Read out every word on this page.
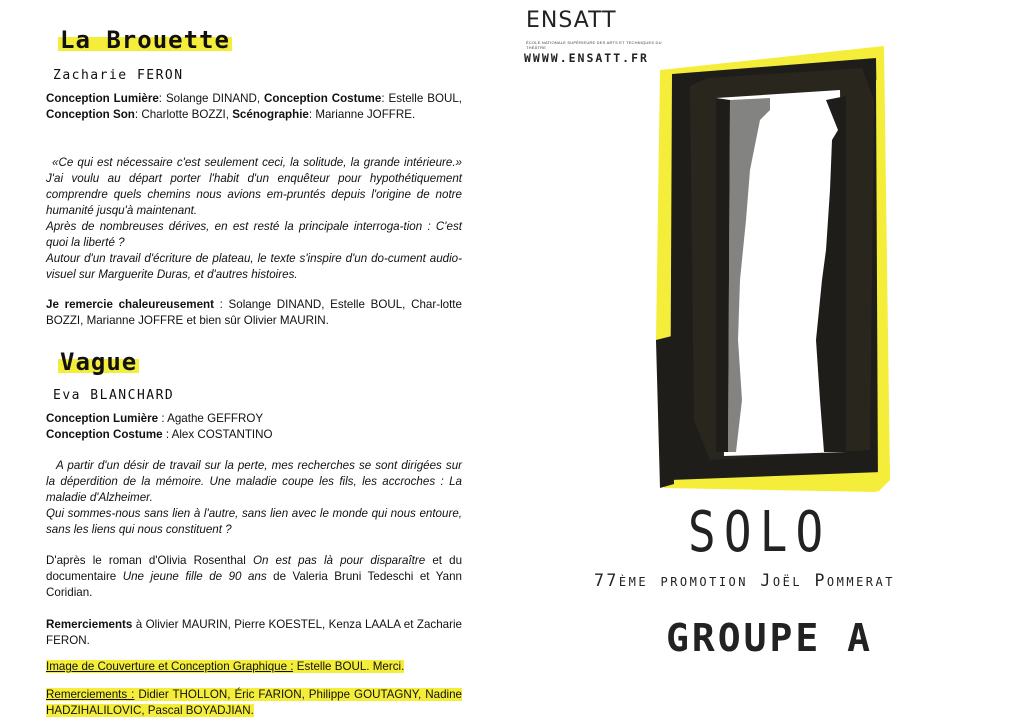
La Brouette
Zacharie FERON
Conception Lumière: Solange DINAND, Conception Costume: Estelle BOUL, Conception Son: Charlotte BOZZI, Scénographie: Marianne JOFFRE.
«Ce qui est nécessaire c'est seulement ceci, la solitude, la grande intérieure.» J'ai voulu au départ porter l'habit d'un enquêteur pour hypothétiquement comprendre quels chemins nous avions em-pruntés depuis l'origine de notre humanité jusqu'à maintenant.
Après de nombreuses dérives, en est resté la principale interroga-tion : C'est quoi la liberté ?
Autour d'un travail d'écriture de plateau, le texte s'inspire d'un do-cument audio-visuel sur Marguerite Duras, et d'autres histoires.
Je remercie chaleureusement : Solange DINAND, Estelle BOUL, Char-lotte BOZZI, Marianne JOFFRE et bien sûr Olivier MAURIN.
Vague
Eva BLANCHARD
Conception Lumière : Agathe GEFFROY
Conception Costume : Alex COSTANTINO
A partir d'un désir de travail sur la perte, mes recherches se sont dirigées sur la déperdition de la mémoire. Une maladie coupe les fils, les accroches : La maladie d'Alzheimer.
Qui sommes-nous sans lien à l'autre, sans lien avec le monde qui nous entoure, sans les liens qui nous constituent ?
D'après le roman d'Olivia Rosenthal On est pas là pour disparaître et du documentaire Une jeune fille de 90 ans de Valeria Bruni Tedeschi et Yann Coridian.
Remerciements à Olivier MAURIN, Pierre KOESTEL, Kenza LAALA et Zacharie FERON.
Image de Couverture et Conception Graphique : Estelle BOUL. Merci.
Remerciements : Didier THOLLON, Éric FARION, Philippe GOUTAGNY, Nadine HADZIHALILOVIC, Pascal BOYADJIAN.
ENSATT
ÉCOLE NATIONALE SUPÉRIEURE DES ARTS ET TECHNIQUES DU THÉÂTRE
WWWW.ENSATT.FR
SOLO
77ème promotion Joël Pommerat
GROUPE A
